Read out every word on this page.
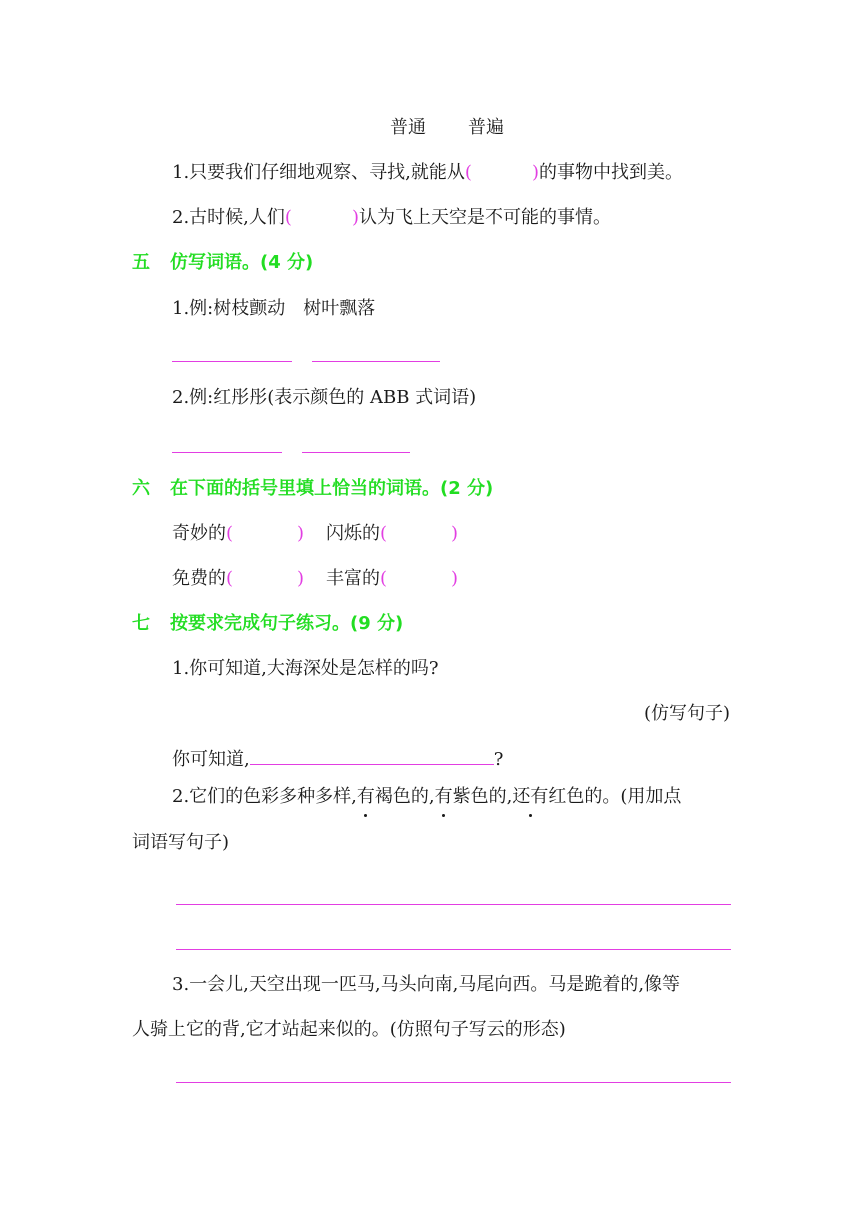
普通 普遍
1.只要我们仔细地观察、寻找,就能从(	)的事物中找到美。
2.古时候,人们(	)认为飞上天空是不可能的事情。
五 仿写词语。(4 分)
1.例:树枝颤动　树叶飘落
2.例:红彤彤(表示颜色的 ABB 式词语)
六 在下面的括号里填上恰当的词语。(2 分)
奇妙的(	) 闪烁的(	)
免费的(	) 丰富的(	)
七 按要求完成句子练习。(9 分)
1.你可知道,大海深处是怎样的吗?
(仿写句子)
你可知道,	?
2.它们的色彩多种多样,有褐色的,有紫色的,还有红色的。(用加点
词语写句子)
3.一会儿,天空出现一匹马,马头向南,马尾向西。马是跪着的,像等
人骑上它的背,它才站起来似的。(仿照句子写云的形态)
